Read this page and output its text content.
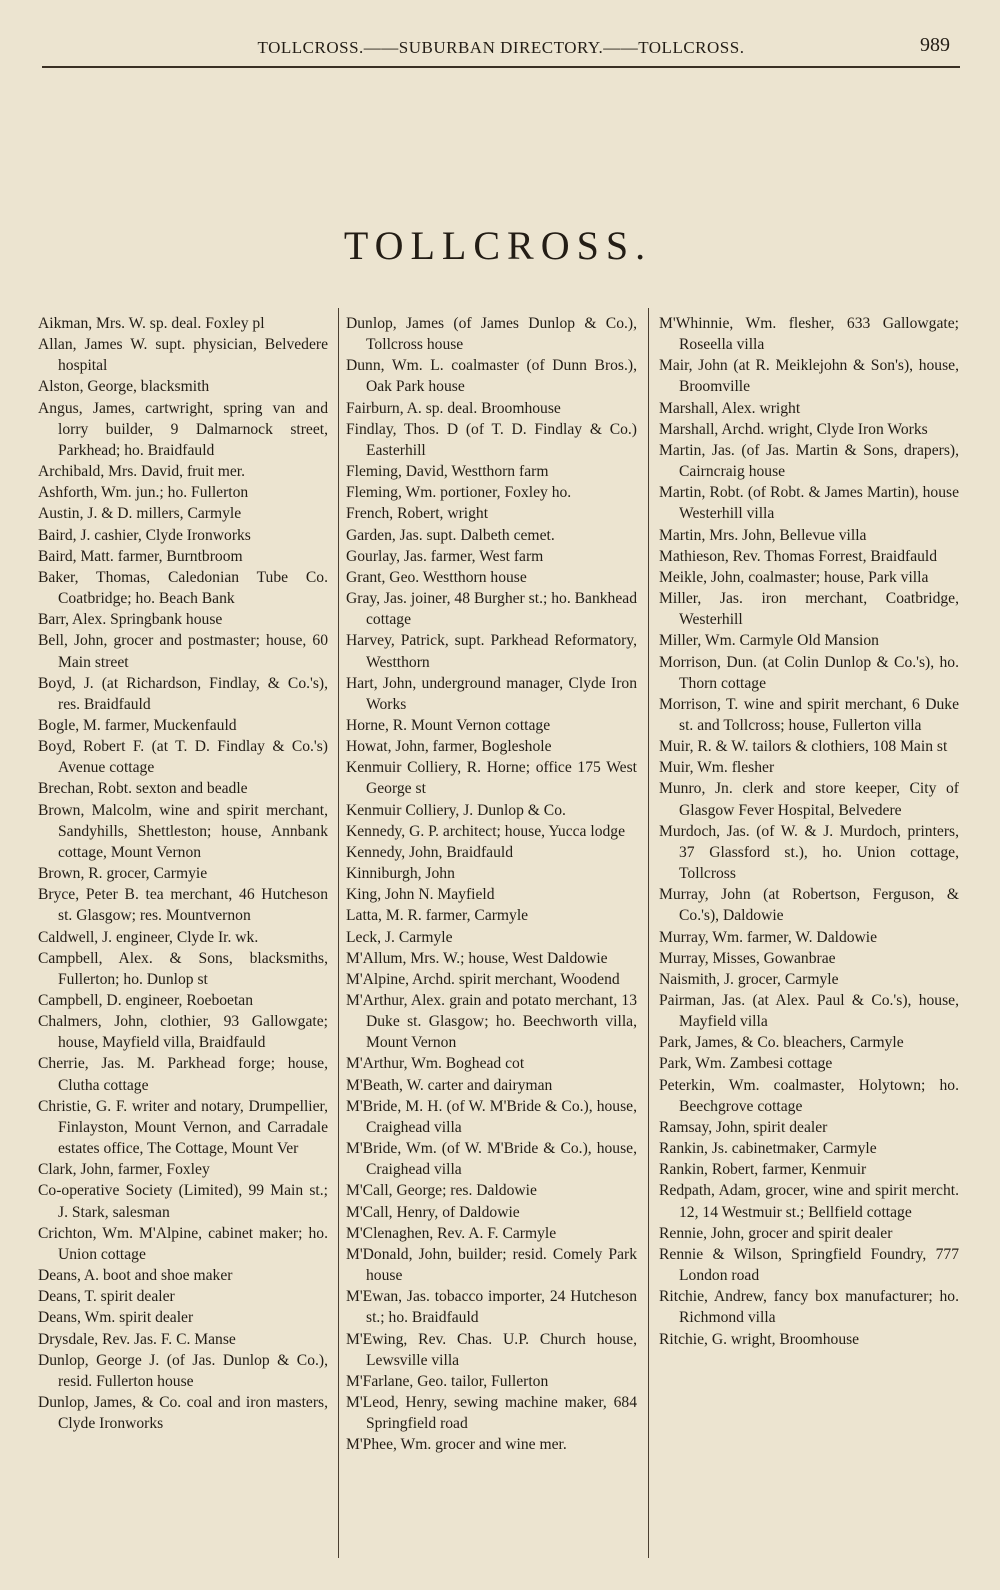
TOLLCROSS.——SUBURBAN DIRECTORY.——TOLLCROSS.	989
TOLLCROSS.

Aikman, Mrs. W. sp. deal. Foxley pl

Allan, James W. supt. physician, Belvedere hospital

Alston, George, blacksmith

Angus, James, cartwright, spring van and lorry builder, 9 Dalmarnock street, Parkhead; ho. Braidfauld

Archibald, Mrs. David, fruit mer.

Ashforth, Wm. jun.; ho. Fullerton

Austin, J. & D. millers, Carmyle

Baird, J. cashier, Clyde Ironworks

Baird, Matt. farmer, Burntbroom

Baker, Thomas, Caledonian Tube Co. Coatbridge; ho. Beach Bank

Barr, Alex. Springbank house

Bell, John, grocer and postmaster; house, 60 Main street

Boyd, J. (at Richardson, Findlay, & Co.'s), res. Braidfauld

Bogle, M. farmer, Muckenfauld

Boyd, Robert F. (at T. D. Findlay & Co.'s) Avenue cottage

Brechan, Robt. sexton and beadle

Brown, Malcolm, wine and spirit merchant, Sandyhills, Shettleston; house, Annbank cottage, Mount Vernon

Brown, R. grocer, Carmyie

Bryce, Peter B. tea merchant, 46 Hutcheson st. Glasgow; res. Mountvernon

Caldwell, J. engineer, Clyde Ir. wk.

Campbell, Alex. & Sons, blacksmiths, Fullerton; ho. Dunlop st

Campbell, D. engineer, Roeboetan

Chalmers, John, clothier, 93 Gallowgate; house, Mayfield villa, Braidfauld

Cherrie, Jas. M. Parkhead forge; house, Clutha cottage

Christie, G. F. writer and notary, Drumpellier, Finlayston, Mount Vernon, and Carradale estates office, The Cottage, Mount Ver

Clark, John, farmer, Foxley

Co-operative Society (Limited), 99 Main st.; J. Stark, salesman

Crichton, Wm. M'Alpine, cabinet maker; ho. Union cottage

Deans, A. boot and shoe maker

Deans, T. spirit dealer

Deans, Wm. spirit dealer

Drysdale, Rev. Jas. F. C. Manse

Dunlop, George J. (of Jas. Dunlop & Co.), resid. Fullerton house

Dunlop, James, & Co. coal and iron masters, Clyde Ironworks

Dunlop, James (of James Dunlop & Co.), Tollcross house

Dunn, Wm. L. coalmaster (of Dunn Bros.), Oak Park house

Fairburn, A. sp. deal. Broomhouse

Findlay, Thos. D (of T. D. Findlay & Co.) Easterhill

Fleming, David, Westthorn farm

Fleming, Wm. portioner, Foxley ho.

French, Robert, wright

Garden, Jas. supt. Dalbeth cemet.

Gourlay, Jas. farmer, West farm

Grant, Geo. Westthorn house

Gray, Jas. joiner, 48 Burgher st.; ho. Bankhead cottage

Harvey, Patrick, supt. Parkhead Reformatory, Westthorn

Hart, John, underground manager, Clyde Iron Works

Horne, R. Mount Vernon cottage

Howat, John, farmer, Bogleshole

Kenmuir Colliery, R. Horne; office 175 West George st

Kenmuir Colliery, J. Dunlop & Co.

Kennedy, G. P. architect; house, Yucca lodge

Kennedy, John, Braidfauld

Kinniburgh, John

King, John N. Mayfield

Latta, M. R. farmer, Carmyle

Leck, J. Carmyle

M'Allum, Mrs. W.; house, West Daldowie

M'Alpine, Archd. spirit merchant, Woodend

M'Arthur, Alex. grain and potato merchant, 13 Duke st. Glasgow; ho. Beechworth villa, Mount Vernon

M'Arthur, Wm. Boghead cot

M'Beath, W. carter and dairyman

M'Bride, M. H. (of W. M'Bride & Co.), house, Craighead villa

M'Bride, Wm. (of W. M'Bride & Co.), house, Craighead villa

M'Call, George; res. Daldowie

M'Call, Henry, of Daldowie

M'Clenaghen, Rev. A. F. Carmyle

M'Donald, John, builder; resid. Comely Park house

M'Ewan, Jas. tobacco importer, 24 Hutcheson st.; ho. Braidfauld

M'Ewing, Rev. Chas. U.P. Church house, Lewsville villa

M'Farlane, Geo. tailor, Fullerton

M'Leod, Henry, sewing machine maker, 684 Springfield road

M'Phee, Wm. grocer and wine mer.

M'Whinnie, Wm. flesher, 633 Gallowgate; Roseella villa

Mair, John (at R. Meiklejohn & Son's), house, Broomville

Marshall, Alex. wright

Marshall, Archd. wright, Clyde Iron Works

Martin, Jas. (of Jas. Martin & Sons, drapers), Cairncraig house

Martin, Robt. (of Robt. & James Martin), house Westerhill villa

Martin, Mrs. John, Bellevue villa

Mathieson, Rev. Thomas Forrest, Braidfauld

Meikle, John, coalmaster; house, Park villa

Miller, Jas. iron merchant, Coatbridge, Westerhill

Miller, Wm. Carmyle Old Mansion

Morrison, Dun. (at Colin Dunlop & Co.'s), ho. Thorn cottage

Morrison, T. wine and spirit merchant, 6 Duke st. and Tollcross; house, Fullerton villa

Muir, R. & W. tailors & clothiers, 108 Main st

Muir, Wm. flesher

Munro, Jn. clerk and store keeper, City of Glasgow Fever Hospital, Belvedere

Murdoch, Jas. (of W. & J. Murdoch, printers, 37 Glassford st.), ho. Union cottage, Tollcross

Murray, John (at Robertson, Ferguson, & Co.'s), Daldowie

Murray, Wm. farmer, W. Daldowie

Murray, Misses, Gowanbrae

Naismith, J. grocer, Carmyle

Pairman, Jas. (at Alex. Paul & Co.'s), house, Mayfield villa

Park, James, & Co. bleachers, Carmyle

Park, Wm. Zambesi cottage

Peterkin, Wm. coalmaster, Holytown; ho. Beechgrove cottage

Ramsay, John, spirit dealer

Rankin, Js. cabinetmaker, Carmyle

Rankin, Robert, farmer, Kenmuir

Redpath, Adam, grocer, wine and spirit mercht. 12, 14 Westmuir st.; Bellfield cottage

Rennie, John, grocer and spirit dealer

Rennie & Wilson, Springfield Foundry, 777 London road

Ritchie, Andrew, fancy box manufacturer; ho. Richmond villa

Ritchie, G. wright, Broomhouse
